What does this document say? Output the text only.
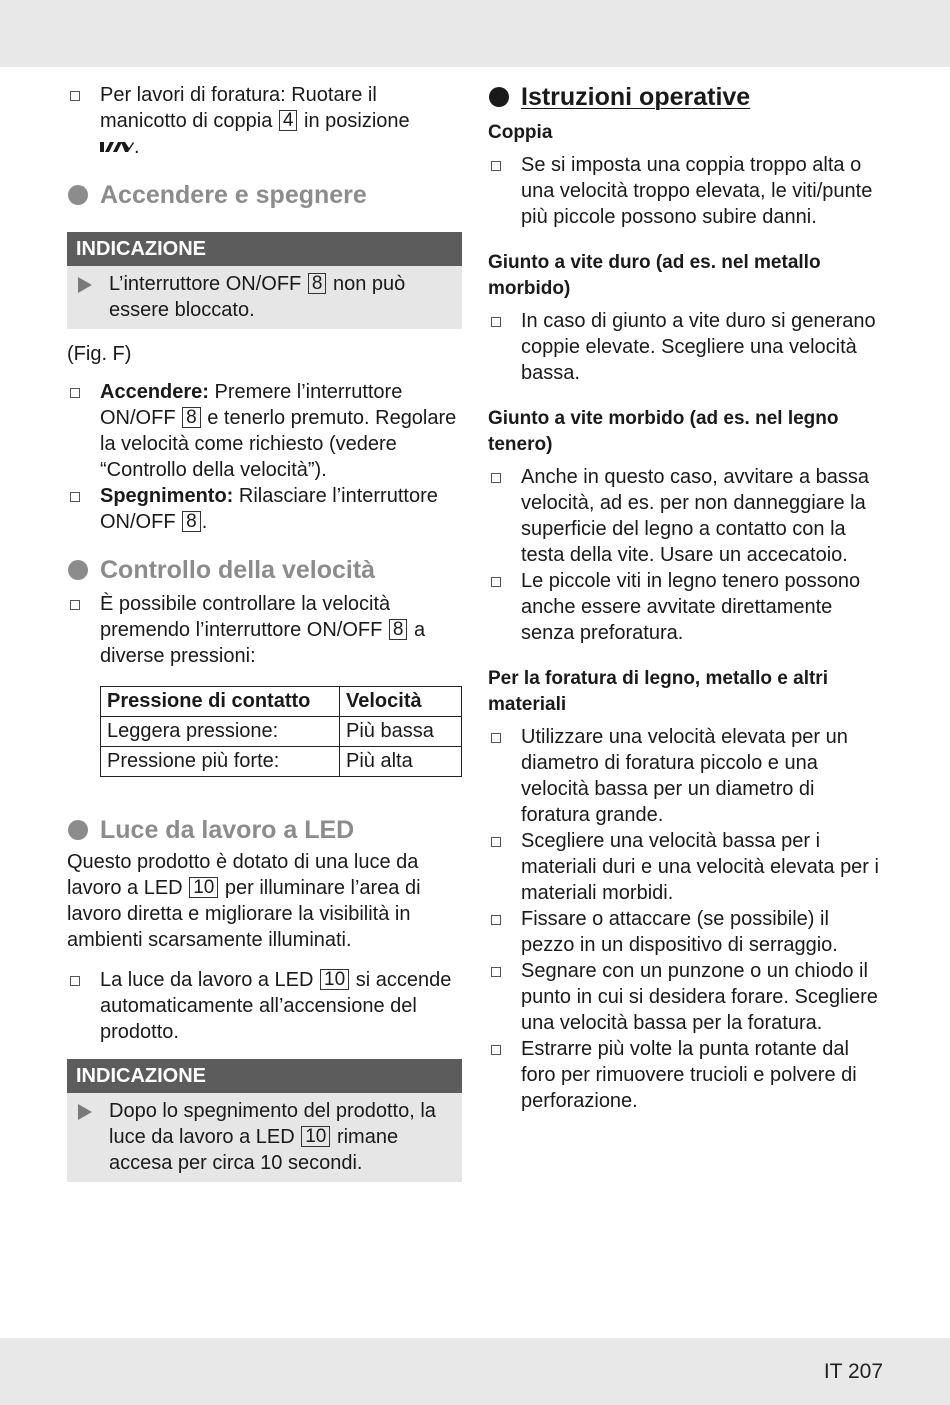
Per lavori di foratura: Ruotare il manicotto di coppia 4 in posizione
.

Accendere e spegnere
INDICAZIONE
L’interruttore ON/OFF 8 non può essere bloccato.

(Fig. F)

Accendere: Premere l’interruttore ON/OFF 8 e tenerlo premuto. Regolare la velocità come richiesto (vedere “Controllo della velocità”).

Spegnimento: Rilasciare l’interruttore ON/OFF 8 .

Controllo della velocità

È possibile controllare la velocità premendo l’interruttore ON/OFF 8 a diverse pressioni:

Pressione di contatto	Velocità
Leggera pressione:	Più bassa
Pressione più forte:	Più alta
Luce da lavoro a LED

Questo prodotto è dotato di una luce da lavoro a LED 10 per illuminare l’area di lavoro diretta e migliorare la visibilità in ambienti scarsamente illuminati.

La luce da lavoro a LED 10 si accende automaticamente all’accensione del prodotto.

INDICAZIONE
Dopo lo spegnimento del prodotto, la luce da lavoro a LED 10 rimane accesa per circa 10 secondi.
Istruzioni operative

Coppia

Se si imposta una coppia troppo alta o una velocità troppo elevata, le viti/punte più piccole possono subire danni.

Giunto a vite duro (ad es. nel metallo morbido)

In caso di giunto a vite duro si generano coppie elevate. Scegliere una velocità bassa.

Giunto a vite morbido (ad es. nel legno tenero)

Anche in questo caso, avvitare a bassa velocità, ad es. per non danneggiare la superficie del legno a contatto con la testa della vite. Usare un accecatoio.

Le piccole viti in legno tenero possono anche essere avvitate direttamente senza preforatura.

Per la foratura di legno, metallo e altri materiali

Utilizzare una velocità elevata per un diametro di foratura piccolo e una velocità bassa per un diametro di foratura grande.

Scegliere una velocità bassa per i materiali duri e una velocità elevata per i materiali morbidi.

Fissare o attaccare (se possibile) il pezzo in un dispositivo di serraggio.

Segnare con un punzone o un chiodo il punto in cui si desidera forare. Scegliere una velocità bassa per la foratura.

Estrarre più volte la punta rotante dal foro per rimuovere trucioli e polvere di perforazione.

IT 207
